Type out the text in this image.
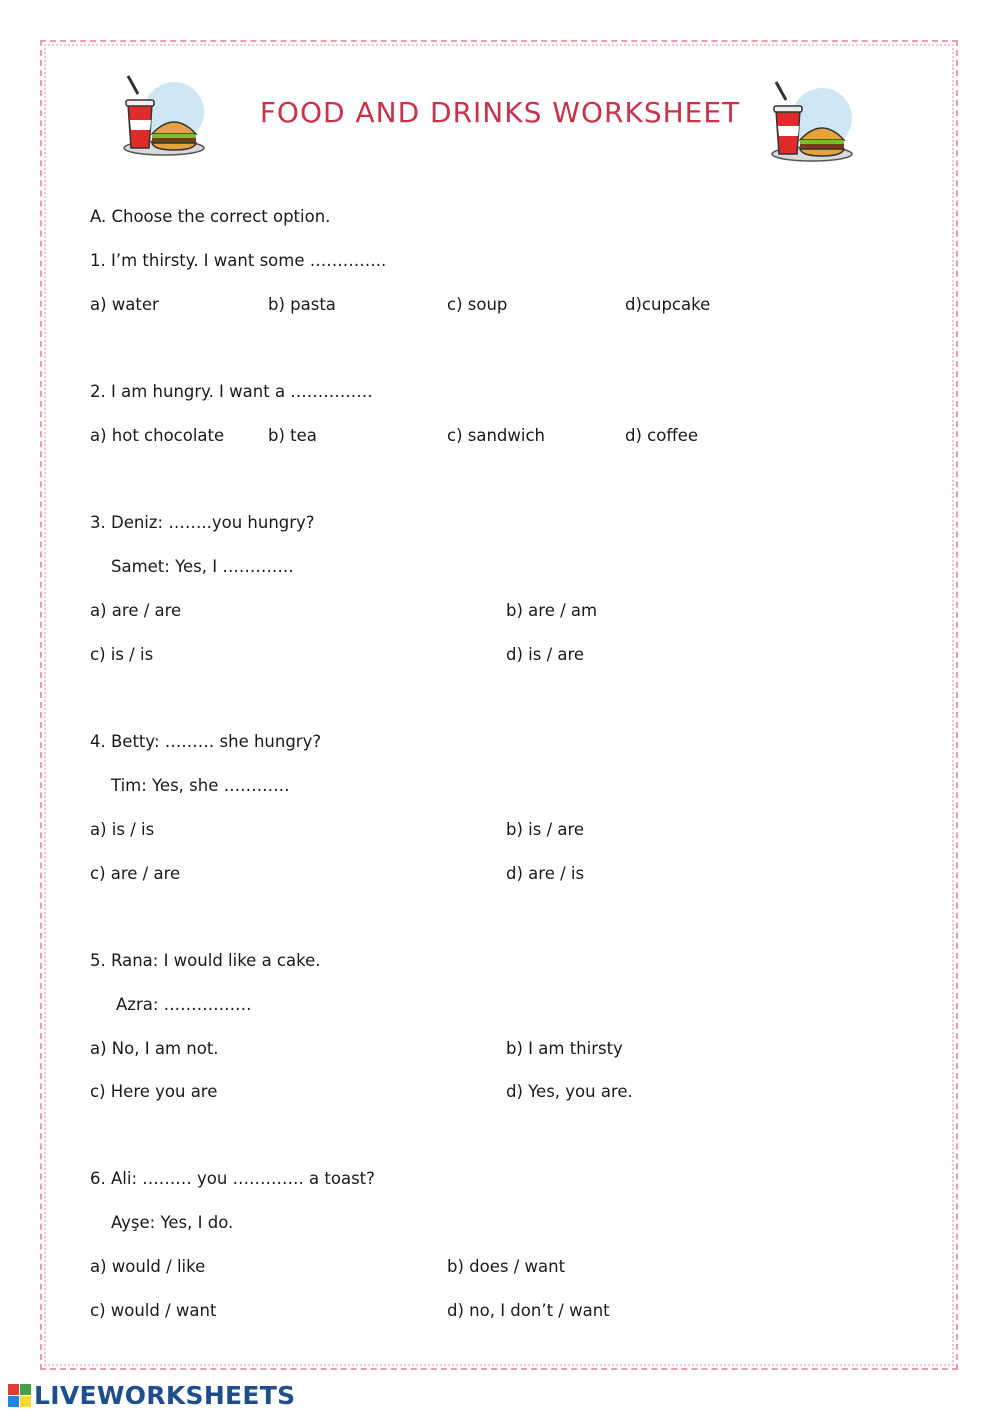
FOOD AND DRINKS WORKSHEET
A. Choose the correct option.
1. I’m thirsty. I want some …………..
a) water	b) pasta	c) soup	d)cupcake
2. I am hungry. I want a ……………
a) hot chocolate	b) tea	c) sandwich	d) coffee
3. Deniz: ……..you hungry?
Samet: Yes, I ………….
a) are / are	b) are / am
c) is / is	d) is / are
4. Betty: ……… she hungry?
Tim: Yes, she …………
a) is / is	b) is / are
c) are / are	d) are / is
5. Rana: I would like a cake.
Azra: …………….
a) No, I am not.	b) I am thirsty
c) Here you are	d) Yes, you are.
6. Ali: ……… you …………. a toast?
Ayşe: Yes, I do.
a) would / like	b) does / want
c) would / want	d) no, I don’t / want
LIVEWORKSHEETS
